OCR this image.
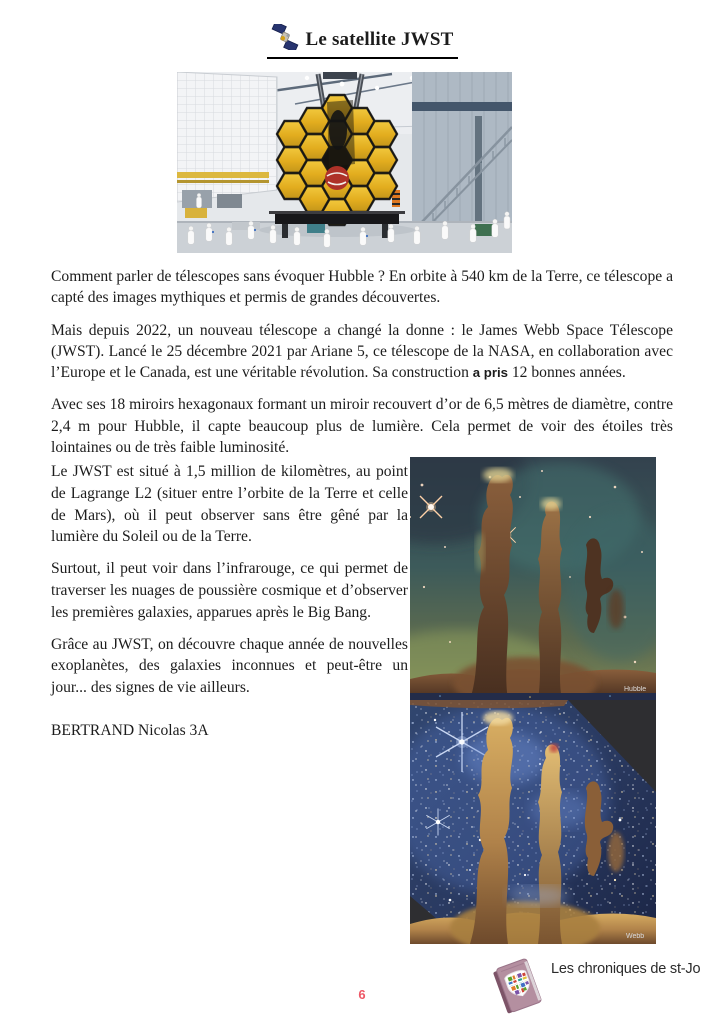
Le satellite JWST

Comment parler de télescopes sans évoquer Hubble ? En orbite à 540 km de la Terre, ce télescope a capté des images mythiques et permis de grandes découvertes.

Mais depuis 2022, un nouveau télescope a changé la donne : le James Webb Space Télescope (JWST). Lancé le 25 décembre 2021 par Ariane 5, ce télescope de la NASA, en collaboration avec l’Europe et le Canada, est une véritable révolution. Sa construction a pris 12 bonnes années.

Avec ses 18 miroirs hexagonaux formant un miroir recouvert d’or de 6,5 mètres de diamètre, contre 2,4 m pour Hubble, il capte beaucoup plus de lumière. Cela permet de voir des étoiles très lointaines ou de très faible luminosité.

Le JWST est situé à 1,5 million de kilomètres, au point de Lagrange L2 (situer entre l’orbite de la Terre et celle de Mars), où il peut observer sans être gêné par la lumière du Soleil ou de la Terre.

Surtout, il peut voir dans l’infrarouge, ce qui permet de traverser les nuages de poussière cosmique et d’observer les premières galaxies, apparues après le Big Bang.

Grâce au JWST, on découvre chaque année de nouvelles exoplanètes, des galaxies inconnues et peut-être un jour... des signes de vie ailleurs.

BERTRAND Nicolas 3A
Hubble
Webb
Les chroniques de st-Jo
6
